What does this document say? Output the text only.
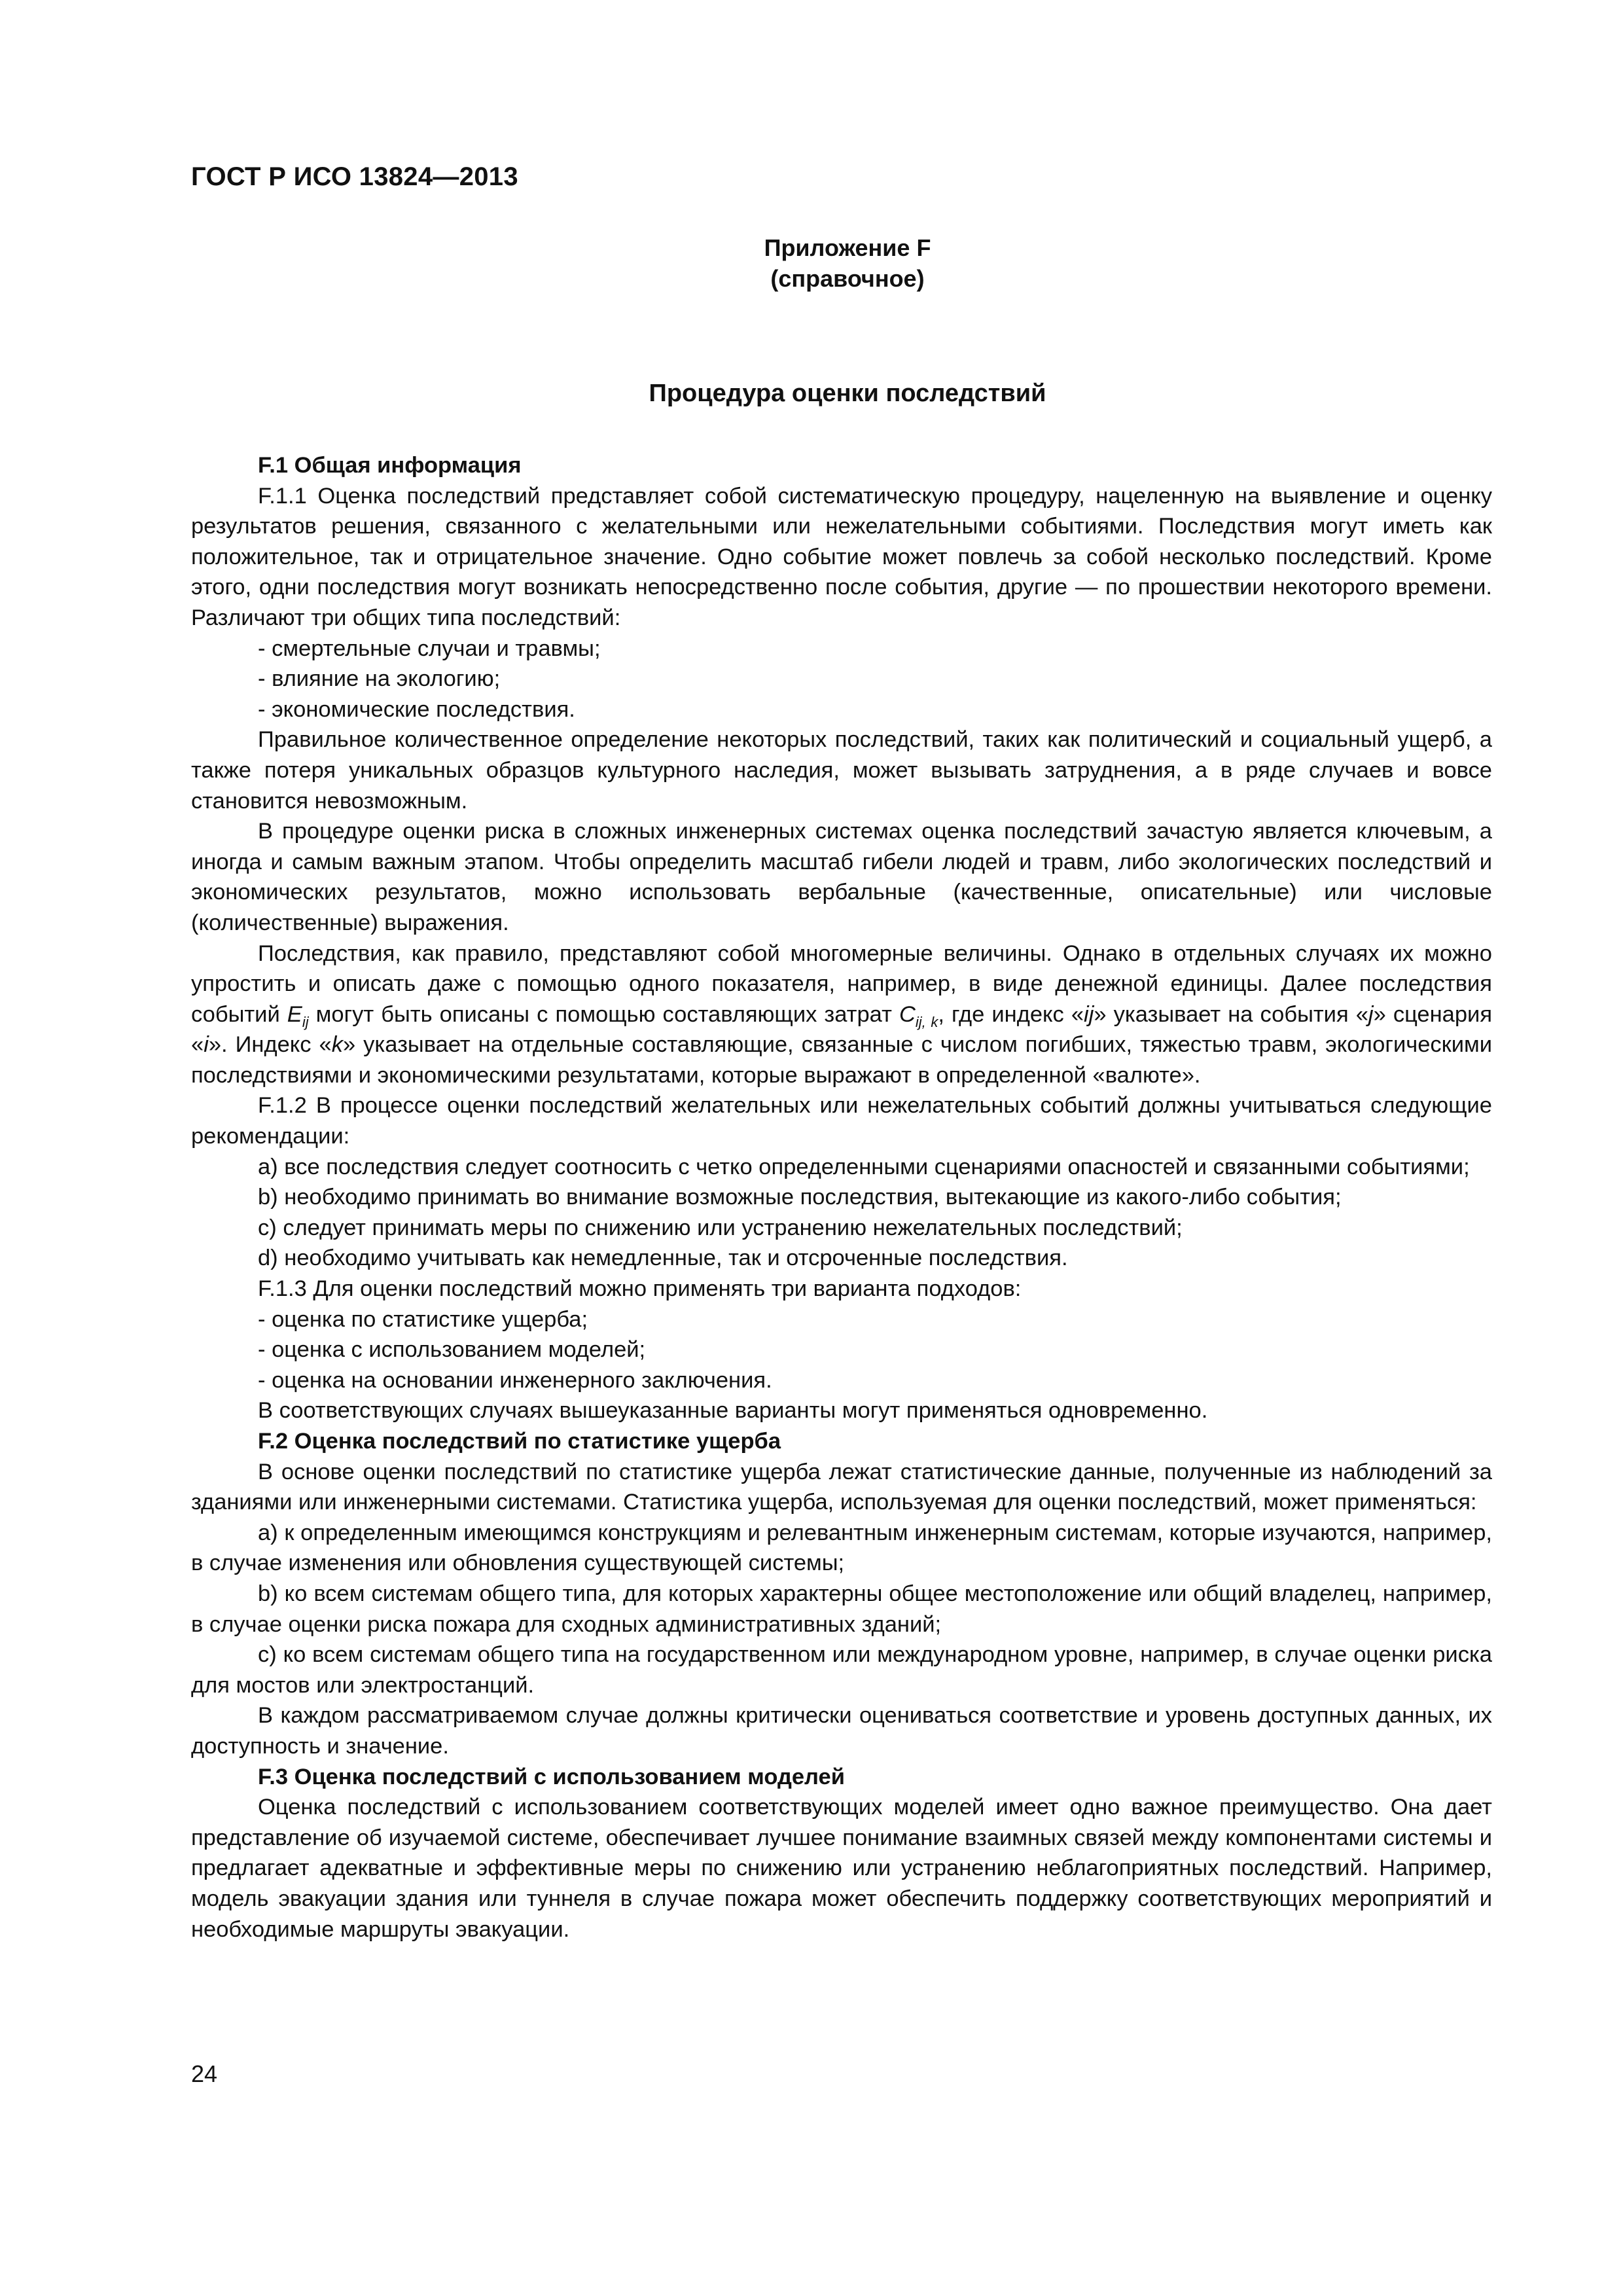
ГОСТ Р ИСО 13824—2013
Приложение F
(справочное)
Процедура оценки последствий
F.1 Общая информация

F.1.1 Оценка последствий представляет собой систематическую процедуру, нацеленную на выявление и оценку результатов решения, связанного с желательными или нежелательными событиями. Последствия могут иметь как положительное, так и отрицательное значение. Одно событие может повлечь за собой несколько последствий. Кроме этого, одни последствия могут возникать непосредственно после события, другие — по прошествии некоторого времени. Различают три общих типа последствий:

- смертельные случаи и травмы;

- влияние на экологию;

- экономические последствия.

Правильное количественное определение некоторых последствий, таких как политический и социальный ущерб, а также потеря уникальных образцов культурного наследия, может вызывать затруднения, а в ряде случаев и вовсе становится невозможным.

В процедуре оценки риска в сложных инженерных системах оценка последствий зачастую является ключевым, а иногда и самым важным этапом. Чтобы определить масштаб гибели людей и травм, либо экологических последствий и экономических результатов, можно использовать вербальные (качественные, описательные) или числовые (количественные) выражения.

Последствия, как правило, представляют собой многомерные величины. Однако в отдельных случаях их можно упростить и описать даже с помощью одного показателя, например, в виде денежной единицы. Далее последствия событий $E_{ij}$ могут быть описаны с помощью составляющих затрат $C_{ij, k}$, где индекс «ij» указывает на события «j» сценария «i». Индекс «k» указывает на отдельные составляющие, связанные с числом погибших, тяжестью травм, экологическими последствиями и экономическими результатами, которые выражают в определенной «валюте».

F.1.2 В процессе оценки последствий желательных или нежелательных событий должны учитываться следующие рекомендации:

a) все последствия следует соотносить с четко определенными сценариями опасностей и связанными событиями;

b) необходимо принимать во внимание возможные последствия, вытекающие из какого-либо события;

c) следует принимать меры по снижению или устранению нежелательных последствий;

d) необходимо учитывать как немедленные, так и отсроченные последствия.

F.1.3 Для оценки последствий можно применять три варианта подходов:

- оценка по статистике ущерба;

- оценка с использованием моделей;

- оценка на основании инженерного заключения.

В соответствующих случаях вышеуказанные варианты могут применяться одновременно.

F.2 Оценка последствий по статистике ущерба

В основе оценки последствий по статистике ущерба лежат статистические данные, полученные из наблюдений за зданиями или инженерными системами. Статистика ущерба, используемая для оценки последствий, может применяться:

a) к определенным имеющимся конструкциям и релевантным инженерным системам, которые изучаются, например, в случае изменения или обновления существующей системы;

b) ко всем системам общего типа, для которых характерны общее местоположение или общий владелец, например, в случае оценки риска пожара для сходных административных зданий;

c) ко всем системам общего типа на государственном или международном уровне, например, в случае оценки риска для мостов или электростанций.

В каждом рассматриваемом случае должны критически оцениваться соответствие и уровень доступных данных, их доступность и значение.

F.3 Оценка последствий с использованием моделей

Оценка последствий с использованием соответствующих моделей имеет одно важное преимущество. Она дает представление об изучаемой системе, обеспечивает лучшее понимание взаимных связей между компонентами системы и предлагает адекватные и эффективные меры по снижению или устранению неблагоприятных последствий. Например, модель эвакуации здания или туннеля в случае пожара может обеспечить поддержку соответствующих мероприятий и необходимые маршруты эвакуации.

24
